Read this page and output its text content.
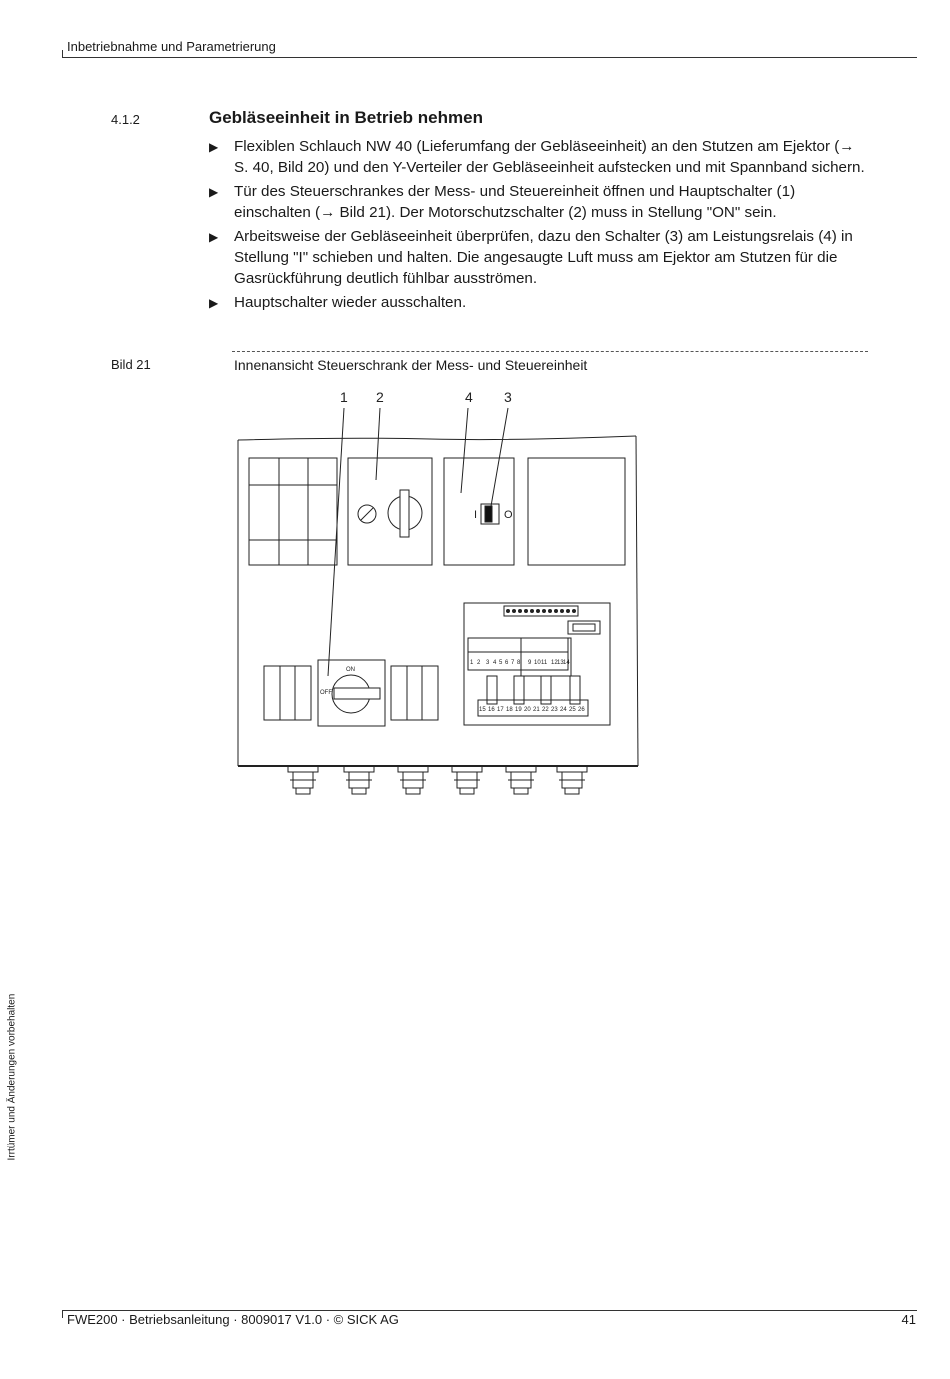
Inbetriebnahme und Parametrierung
4.1.2	Gebläseeinheit in Betrieb nehmen
▶ Flexiblen Schlauch NW 40 (Lieferumfang der Gebläseeinheit) an den Stutzen am Ejektor (→ S. 40, Bild 20) und den Y-Verteiler der Gebläseeinheit aufstecken und mit Spannband sichern.
▶ Tür des Steuerschrankes der Mess- und Steuereinheit öffnen und Hauptschalter (1) einschalten (→ Bild 21). Der Motorschutzschalter (2) muss in Stellung "ON" sein.
▶ Arbeitsweise der Gebläseeinheit überprüfen, dazu den Schalter (3) am Leistungsrelais (4) in Stellung "I" schieben und halten. Die angesaugte Luft muss am Ejektor am Stutzen für die Gasrückführung deutlich fühlbar ausströmen.
▶ Hauptschalter wieder ausschalten.
Bild 21	Innenansicht Steuerschrank der Mess- und Steuereinheit
1 2	4 3
I O
1 2 3 4 5 6 7 8 9 10 11 12 13 14
15 16 17 18 19 20 21 22 23 24 25 26
ON
OFF
Irrtümer und Änderungen vorbehalten
FWE200 · Betriebsanleitung · 8009017 V1.0 · © SICK AG	41
